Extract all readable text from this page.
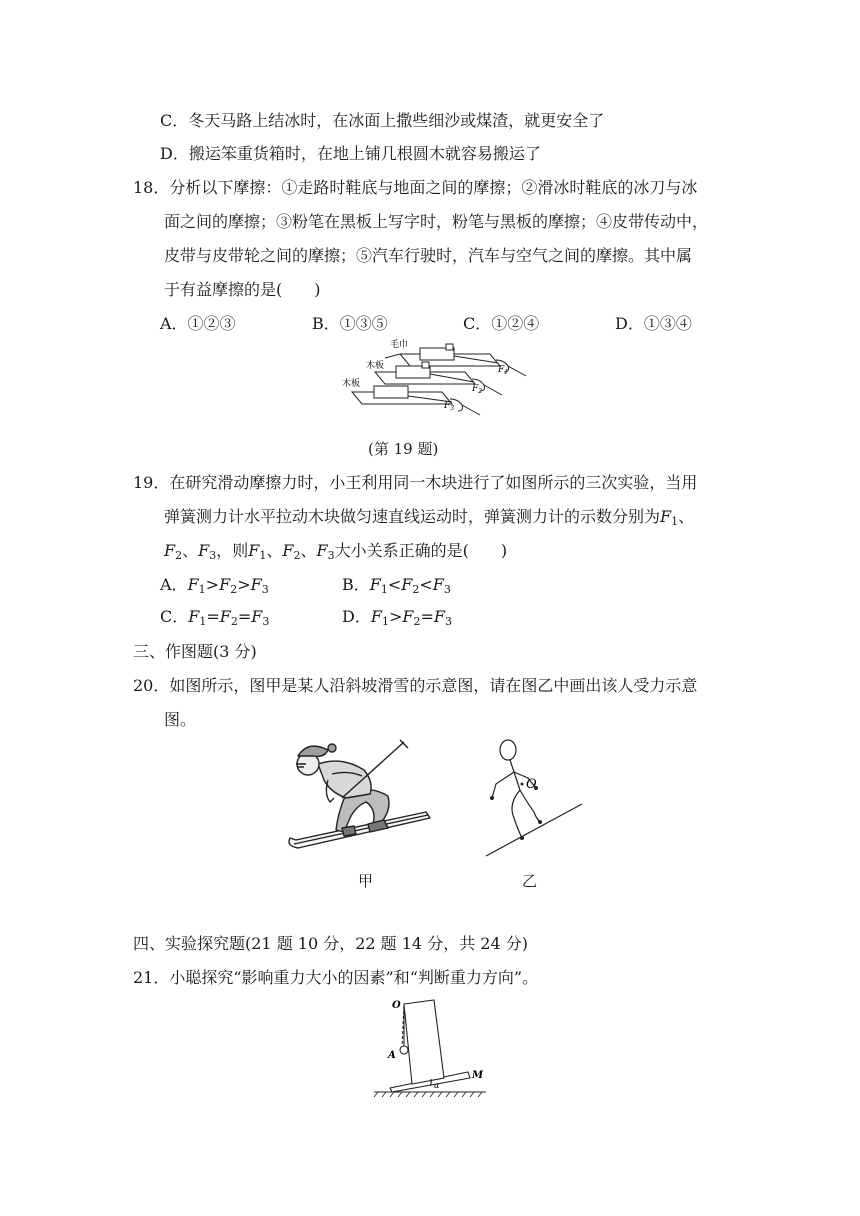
C．冬天马路上结冰时，在冰面上撒些细沙或煤渣，就更安全了
D．搬运笨重货箱时，在地上铺几根圆木就容易搬运了
18．分析以下摩擦：①走路时鞋底与地面之间的摩擦；②滑冰时鞋底的冰刀与冰
面之间的摩擦；③粉笔在黑板上写字时，粉笔与黑板的摩擦；④皮带传动中，
皮带与皮带轮之间的摩擦；⑤汽车行驶时，汽车与空气之间的摩擦。其中属
于有益摩擦的是(　　)
A．①②③	B．①③⑤	C．①②④	D．①③④
毛巾
木板
木板
$F_1$
$F_2$
$F_3$
(第 19 题)
19．在研究滑动摩擦力时，小王利用同一木块进行了如图所示的三次实验，当用
弹簧测力计水平拉动木块做匀速直线运动时，弹簧测力计的示数分别为$F_1$、
$F_2$、$F_3$，则$F_1$、$F_2$、$F_3$大小关系正确的是(　　)
A．$F_1>F_2>F_3$	B．$F_1<F_2<F_3$
C．$F_1=F_2=F_3$	D．$F_1>F_2=F_3$
三、作图题(3 分)
20．如图所示，图甲是某人沿斜坡滑雪的示意图，请在图乙中画出该人受力示意
图。
甲
O
乙
四、实验探究题(21 题 10 分，22 题 14 分，共 24 分)
21．小聪探究“影响重力大小的因素”和“判断重力方向”。
O
A
M
α
